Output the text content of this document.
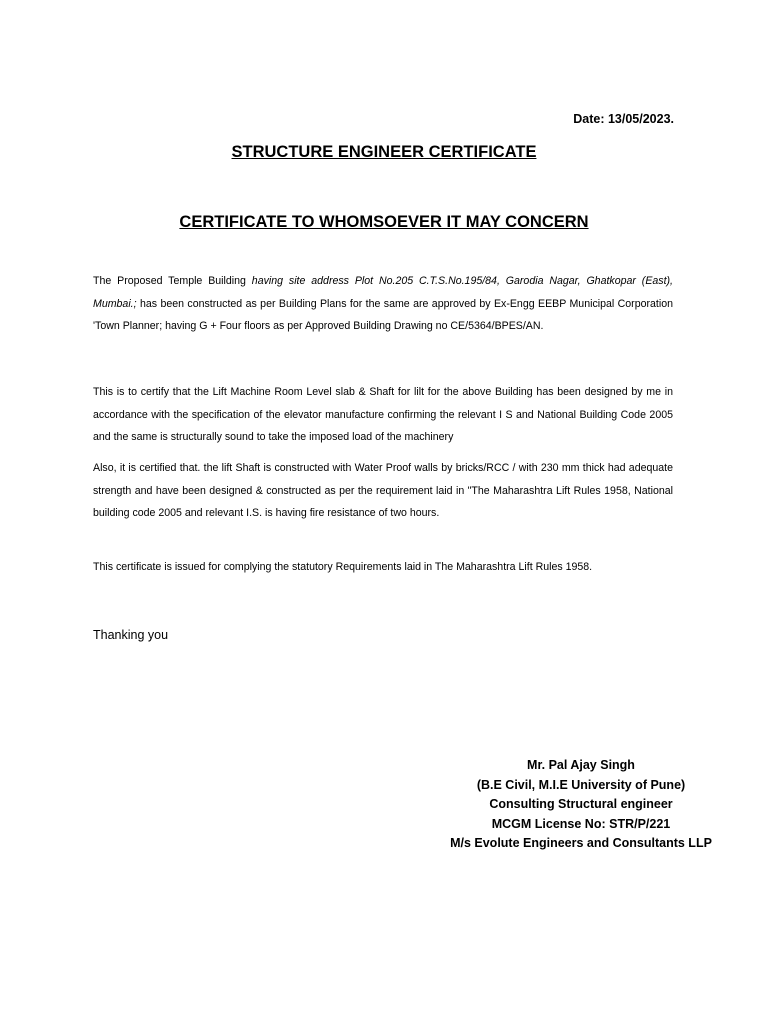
Date: 13/05/2023.
STRUCTURE ENGINEER CERTIFICATE
CERTIFICATE TO WHOMSOEVER IT MAY CONCERN
The Proposed Temple Building having site address Plot No.205 C.T.S.No.195/84, Garodia Nagar, Ghatkopar (East), Mumbai.; has been constructed as per Building Plans for the same are approved by Ex-Engg EEBP Municipal Corporation 'Town Planner; having G + Four floors as per Approved Building Drawing no CE/5364/BPES/AN.
This is to certify that the Lift Machine Room Level slab & Shaft for lilt for the above Building has been designed by me in accordance with the specification of the elevator manufacture confirming the relevant I S and National Building Code 2005 and the same is structurally sound to take the imposed load of the machinery
Also, it is certified that. the lift Shaft is constructed with Water Proof walls by bricks/RCC / with 230 mm thick had adequate strength and have been designed & constructed as per the requirement laid in "The Maharashtra Lift Rules 1958, National building code 2005 and relevant I.S. is having fire resistance of two hours.
This certificate is issued for complying the statutory Requirements laid in The Maharashtra Lift Rules 1958.
Thanking you
Mr. Pal Ajay Singh
(B.E Civil, M.I.E University of Pune)
Consulting Structural engineer
MCGM License No: STR/P/221
M/s Evolute Engineers and Consultants LLP
